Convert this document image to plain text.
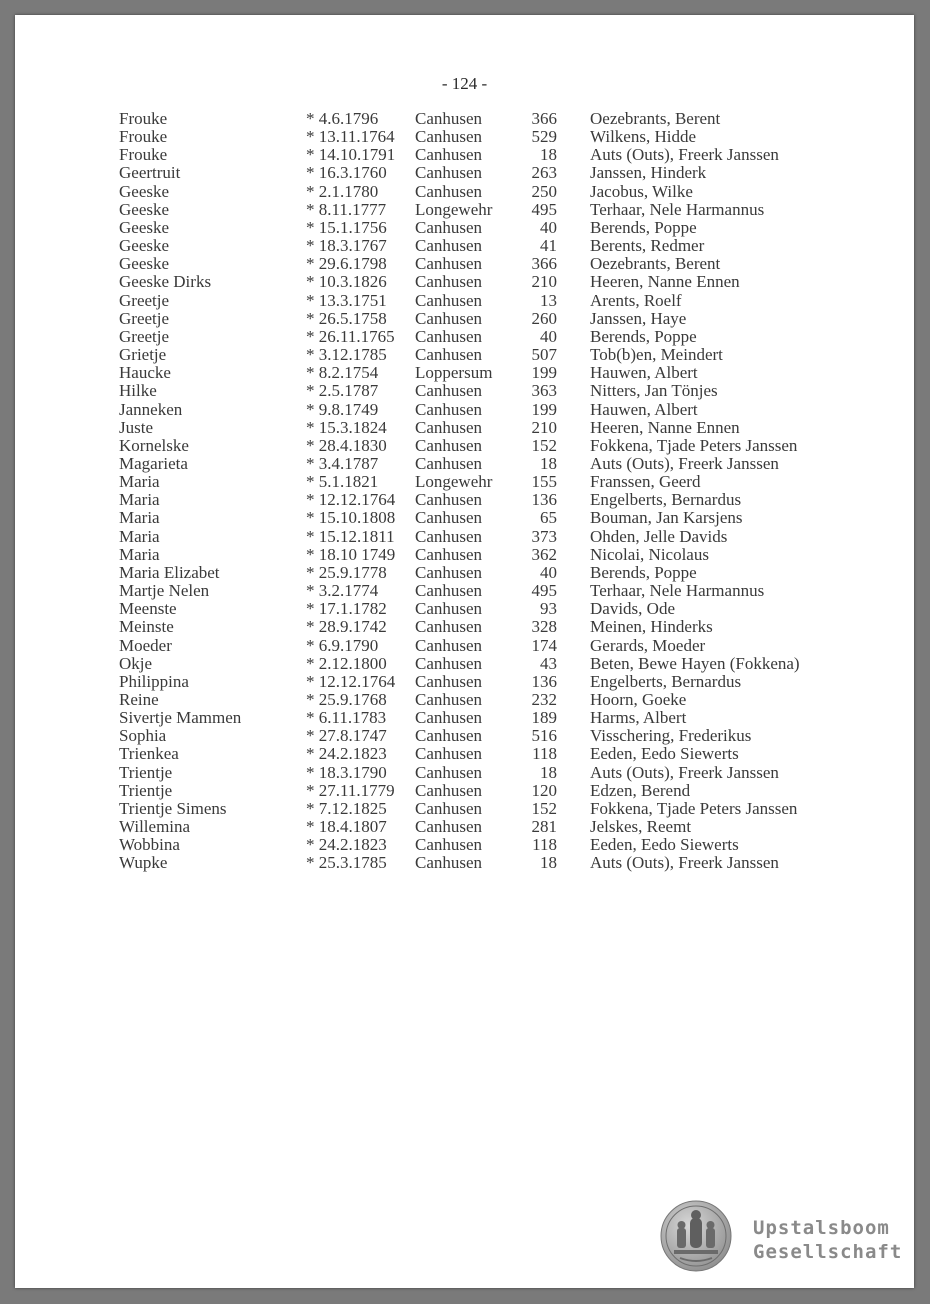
- 124 -
Frouke	* 4.6.1796	Canhusen	366		Oezebrants, Berent
Frouke	* 13.11.1764	Canhusen	529		Wilkens, Hidde
Frouke	* 14.10.1791	Canhusen	18		Auts (Outs), Freerk Janssen
Geertruit	* 16.3.1760	Canhusen	263		Janssen, Hinderk
Geeske	* 2.1.1780	Canhusen	250		Jacobus, Wilke
Geeske	* 8.11.1777	Longewehr	495		Terhaar, Nele Harmannus
Geeske	* 15.1.1756	Canhusen	40		Berends, Poppe
Geeske	* 18.3.1767	Canhusen	41		Berents, Redmer
Geeske	* 29.6.1798	Canhusen	366		Oezebrants, Berent
Geeske Dirks	* 10.3.1826	Canhusen	210		Heeren, Nanne Ennen
Greetje	* 13.3.1751	Canhusen	13		Arents, Roelf
Greetje	* 26.5.1758	Canhusen	260		Janssen, Haye
Greetje	* 26.11.1765	Canhusen	40		Berends, Poppe
Grietje	* 3.12.1785	Canhusen	507		Tob(b)en, Meindert
Haucke	* 8.2.1754	Loppersum	199		Hauwen, Albert
Hilke	* 2.5.1787	Canhusen	363		Nitters, Jan Tönjes
Janneken	* 9.8.1749	Canhusen	199		Hauwen, Albert
Juste	* 15.3.1824	Canhusen	210		Heeren, Nanne Ennen
Kornelske	* 28.4.1830	Canhusen	152		Fokkena, Tjade Peters Janssen
Magarieta	* 3.4.1787	Canhusen	18		Auts (Outs), Freerk Janssen
Maria	* 5.1.1821	Longewehr	155		Franssen, Geerd
Maria	* 12.12.1764	Canhusen	136		Engelberts, Bernardus
Maria	* 15.10.1808	Canhusen	65		Bouman, Jan Karsjens
Maria	* 15.12.1811	Canhusen	373		Ohden, Jelle Davids
Maria	* 18.10 1749	Canhusen	362		Nicolai, Nicolaus
Maria Elizabet	* 25.9.1778	Canhusen	40		Berends, Poppe
Martje Nelen	* 3.2.1774	Canhusen	495		Terhaar, Nele Harmannus
Meenste	* 17.1.1782	Canhusen	93		Davids, Ode
Meinste	* 28.9.1742	Canhusen	328		Meinen, Hinderks
Moeder	* 6.9.1790	Canhusen	174		Gerards, Moeder
Okje	* 2.12.1800	Canhusen	43		Beten, Bewe Hayen (Fokkena)
Philippina	* 12.12.1764	Canhusen	136		Engelberts, Bernardus
Reine	* 25.9.1768	Canhusen	232		Hoorn, Goeke
Sivertje Mammen	* 6.11.1783	Canhusen	189		Harms, Albert
Sophia	* 27.8.1747	Canhusen	516		Visschering, Frederikus
Trienkea	* 24.2.1823	Canhusen	118		Eeden, Eedo Siewerts
Trientje	* 18.3.1790	Canhusen	18		Auts (Outs), Freerk Janssen
Trientje	* 27.11.1779	Canhusen	120		Edzen, Berend
Trientje Simens	* 7.12.1825	Canhusen	152		Fokkena, Tjade Peters Janssen
Willemina	* 18.4.1807	Canhusen	281		Jelskes, Reemt
Wobbina	* 24.2.1823	Canhusen	118		Eeden, Eedo Siewerts
Wupke	* 25.3.1785	Canhusen	18		Auts (Outs), Freerk Janssen
Upstalsboom
Gesellschaft
